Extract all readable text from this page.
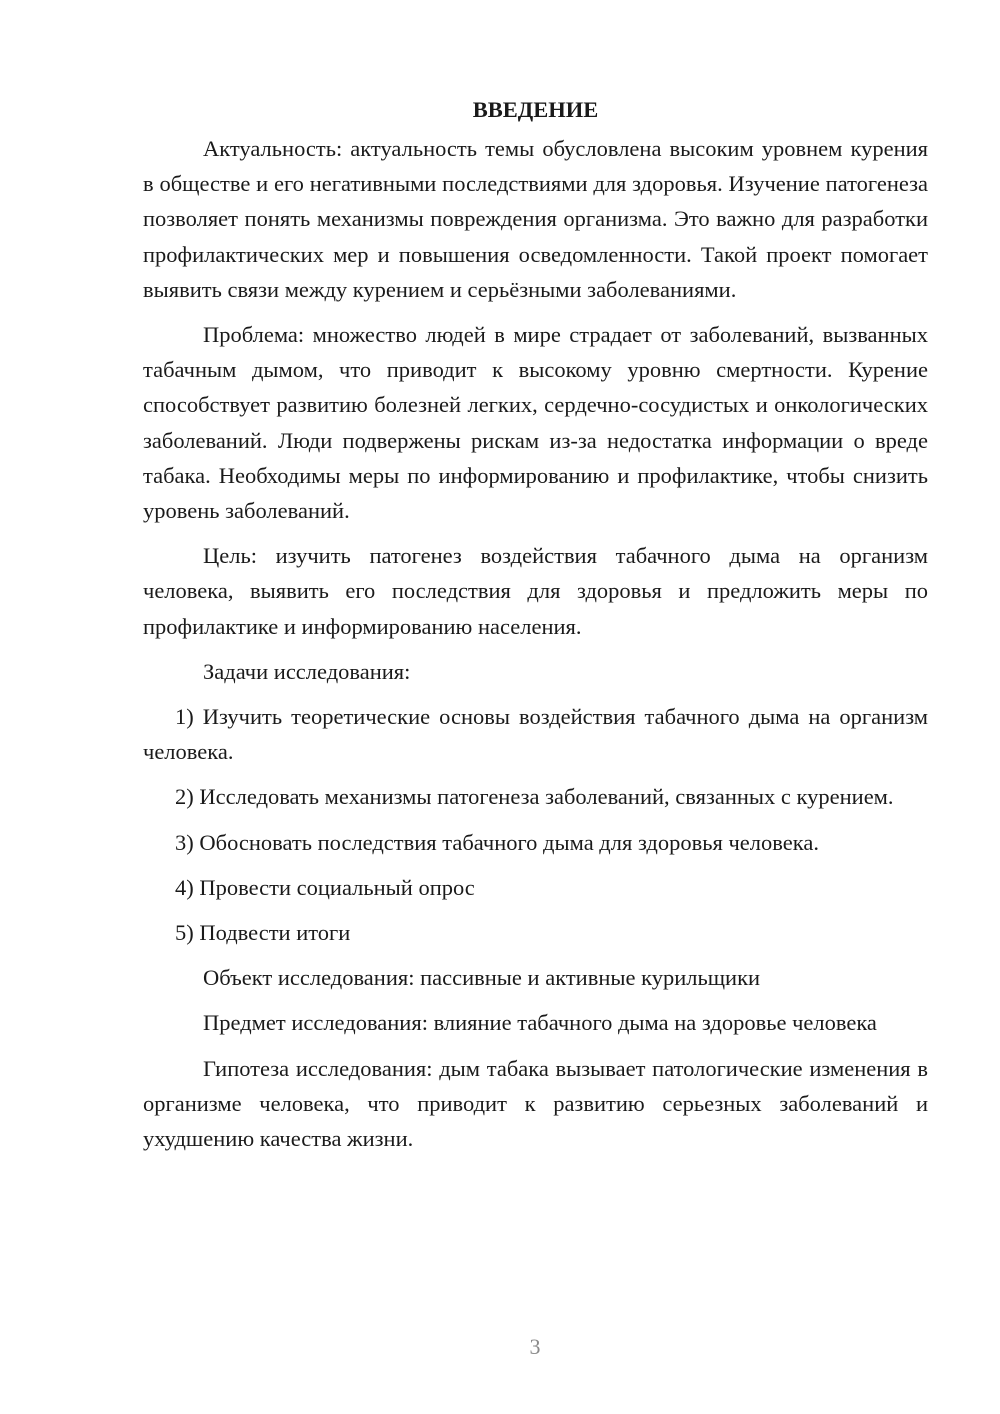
ВВЕДЕНИЕ

Актуальность: актуальность темы обусловлена высоким уровнем курения в обществе и его негативными последствиями для здоровья. Изучение патогенеза позволяет понять механизмы повреждения организма. Это важно для разработки профилактических мер и повышения осведомленности. Такой проект помогает выявить связи между курением и серьёзными заболеваниями.

Проблема: множество людей в мире страдает от заболеваний, вызванных табачным дымом, что приводит к высокому уровню смертности. Курение способствует развитию болезней легких, сердечно-сосудистых и онкологических заболеваний. Люди подвержены рискам из-за недостатка информации о вреде табака. Необходимы меры по информированию и профилактике, чтобы снизить уровень заболеваний.

Цель: изучить патогенез воздействия табачного дыма на организм человека, выявить его последствия для здоровья и предложить меры по профилактике и информированию населения.

Задачи исследования:

1) Изучить теоретические основы воздействия табачного дыма на организм человека.

2) Исследовать механизмы патогенеза заболеваний, связанных с курением.

3) Обосновать последствия табачного дыма для здоровья человека.

4) Провести социальный опрос

5) Подвести итоги

Объект исследования: пассивные и активные курильщики

Предмет исследования: влияние табачного дыма на здоровье человека

Гипотеза исследования: дым табака вызывает патологические изменения в организме человека, что приводит к развитию серьезных заболеваний и ухудшению качества жизни.

3
